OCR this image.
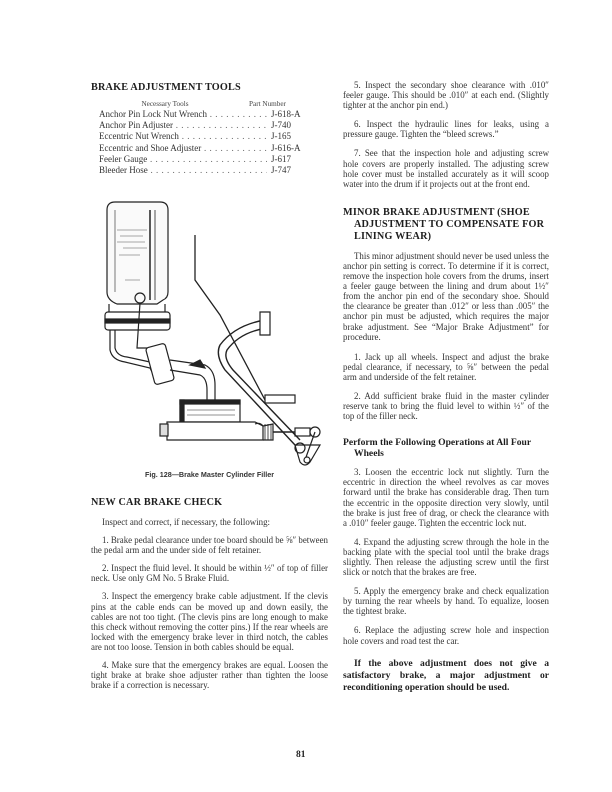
BRAKE ADJUSTMENT TOOLS
Necessary Tools	Part Number
Anchor Pin Lock Nut Wrench . . .	J-618-A
Anchor Pin Adjuster . . .	J-740
Eccentric Nut Wrench . . .	J-165
Eccentric and Shoe Adjuster . . .	J-616-A
Feeler Gauge . . .	J-617
Bleeder Hose . . .	J-747
Fig. 128—Brake Master Cylinder Filler
NEW CAR BRAKE CHECK

Inspect and correct, if necessary, the following:

1. Brake pedal clearance under toe board should be ⅝″ between the pedal arm and the under side of felt retainer.

2. Inspect the fluid level. It should be within ½″ of top of filler neck. Use only GM No. 5 Brake Fluid.

3. Inspect the emergency brake cable adjustment. If the clevis pins at the cable ends can be moved up and down easily, the cables are not too tight. (The clevis pins are long enough to make this check without removing the cotter pins.) If the rear wheels are locked with the emergency brake lever in third notch, the cables are not too loose. Tension in both cables should be equal.

4. Make sure that the emergency brakes are equal. Loosen the tight brake at brake shoe adjuster rather than tighten the loose brake if a correction is necessary.

5. Inspect the secondary shoe clearance with .010″ feeler gauge. This should be .010″ at each end. (Slightly tighter at the anchor pin end.)

6. Inspect the hydraulic lines for leaks, using a pressure gauge. Tighten the “bleed screws.”

7. See that the inspection hole and adjusting screw hole covers are properly installed. The adjusting screw hole cover must be installed accurately as it will scoop water into the drum if it projects out at the front end.

MINOR BRAKE ADJUSTMENT (SHOE ADJUSTMENT TO COMPENSATE FOR LINING WEAR)

This minor adjustment should never be used unless the anchor pin setting is correct. To determine if it is correct, remove the inspection hole covers from the drums, insert a feeler gauge between the lining and drum about 1½″ from the anchor pin end of the secondary shoe. Should the clearance be greater than .012″ or less than .005″ the anchor pin must be adjusted, which requires the major brake adjustment. See “Major Brake Adjustment” for procedure.

1. Jack up all wheels. Inspect and adjust the brake pedal clearance, if necessary, to ⅝″ between the pedal arm and underside of the felt retainer.

2. Add sufficient brake fluid in the master cylinder reserve tank to bring the fluid level to within ½″ of the top of the filler neck.

Perform the Following Operations at All Four Wheels

3. Loosen the eccentric lock nut slightly. Turn the eccentric in direction the wheel revolves as car moves forward until the brake has considerable drag. Then turn the eccentric in the opposite direction very slowly, until the brake is just free of drag, or check the clearance with a .010″ feeler gauge. Tighten the eccentric lock nut.

4. Expand the adjusting screw through the hole in the backing plate with the special tool until the brake drags slightly. Then release the adjusting screw until the first slick or notch that the brakes are free.

5. Apply the emergency brake and check equalization by turning the rear wheels by hand. To equalize, loosen the tightest brake.

6. Replace the adjusting screw hole and inspection hole covers and road test the car.

If the above adjustment does not give a satisfactory brake, a major adjustment or reconditioning operation should be used.

81
